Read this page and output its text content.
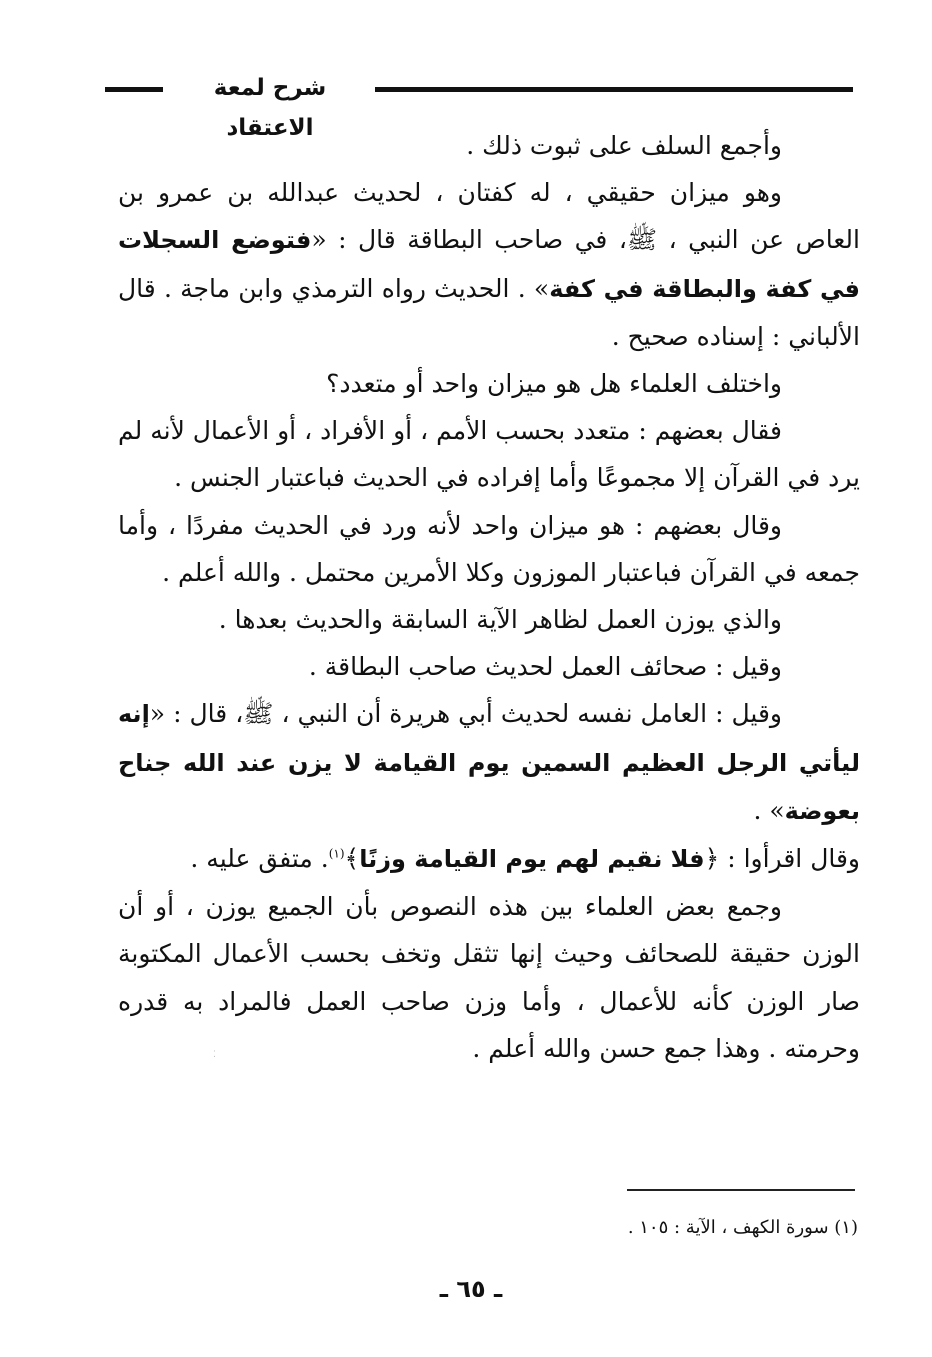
شرح لمعة الاعتقاد

وأجمع السلف على ثبوت ذلك .

وهو ميزان حقيقي ، له كفتان ، لحديث عبدالله بن عمرو بن العاص عن النبي ، ﷺ، في صاحب البطاقة قال : «فتوضع السجلات في كفة والبطاقة في كفة» . الحديث رواه الترمذي وابن ماجة . قال الألباني : إسناده صحيح .

واختلف العلماء هل هو ميزان واحد أو متعدد؟

فقال بعضهم : متعدد بحسب الأمم ، أو الأفراد ، أو الأعمال لأنه لم يرد في القرآن إلا مجموعًا وأما إفراده في الحديث فباعتبار الجنس .

وقال بعضهم : هو ميزان واحد لأنه ورد في الحديث مفردًا ، وأما جمعه في القرآن فباعتبار الموزون وكلا الأمرين محتمل . والله أعلم .

والذي يوزن العمل لظاهر الآية السابقة والحديث بعدها .

وقيل : صحائف العمل لحديث صاحب البطاقة .

وقيل : العامل نفسه لحديث أبي هريرة أن النبي ، ﷺ، قال : «إنه ليأتي الرجل العظيم السمين يوم القيامة لا يزن عند الله جناح بعوضة» .

وقال اقرأوا : ﴿فلا نقيم لهم يوم القيامة وزنًا﴾$^{(١)}$. متفق عليه .

وجمع بعض العلماء بين هذه النصوص بأن الجميع يوزن ، أو أن الوزن حقيقة للصحائف وحيث إنها تثقل وتخف بحسب الأعمال المكتوبة صار الوزن كأنه للأعمال ، وأما وزن صاحب العمل فالمراد به قدره وحرمته . وهذا جمع حسن والله أعلم .

⁚
(١) سورة الكهف ، الآية : ١٠٥ .
ـ ٦٥ ـ
